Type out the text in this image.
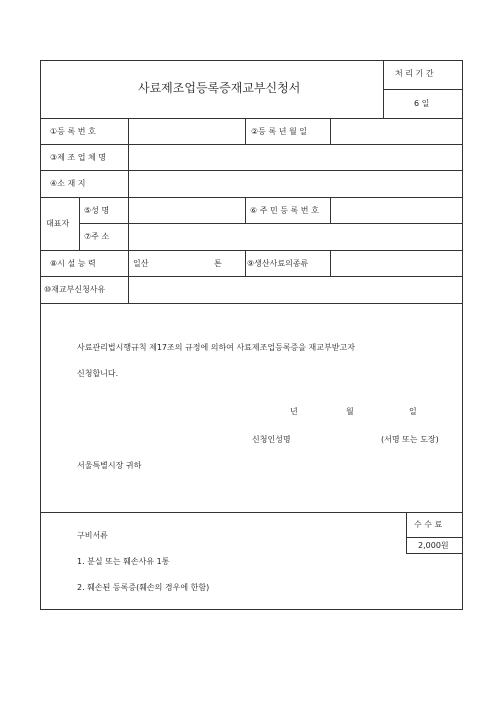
사료제조업등록증재교부신청서
처 리 기 간
6 일
①등 록 번 호	②등 록 년 월 일
③제 조 업 체 명
④소 재 지
대표자
⑤성 명	⑥ 주 민 등 록 번 호
⑦주 소
⑧시 설 능 력	일산	톤	⑨생산사료의종류
⑩재교부신청사유
사료관리법시행규칙 제17조의 규정에 의하여 사료제조업등록증을 재교부받고자
신청합니다.
년	월	일
신청인성명	(서명 또는 도장)
서울특별시장 귀하
수 수 료
2,000원
구비서류
1. 분실 또는 훼손사유 1통
2. 훼손된 등록증(훼손의 경우에 한함)
